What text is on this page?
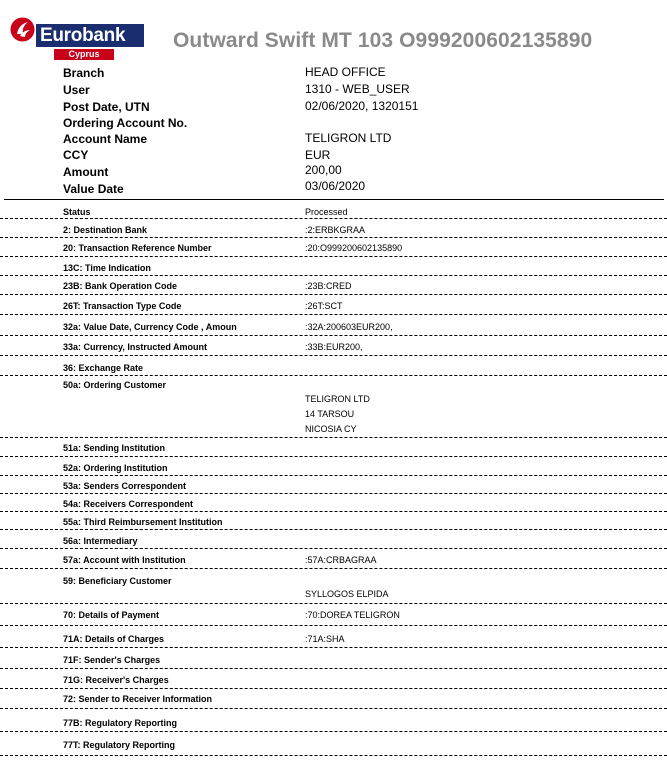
Eurobank
Cyprus
Outward Swift MT 103 O999200602135890
Branch	HEAD OFFICE
User	1310 - WEB_USER
Post Date, UTN	02/06/2020, 1320151
Ordering Account No.
Account Name	TELIGRON LTD
CCY	EUR
Amount	200,00
Value Date	03/06/2020
Status	Processed
2: Destination Bank	:2:ERBKGRAA
20: Transaction Reference Number	:20:O999200602135890
13C: Time Indication
23B: Bank Operation Code	:23B:CRED
26T: Transaction Type Code	:26T:SCT
32a: Value Date, Currency Code , Amoun	:32A:200603EUR200,
33a: Currency, Instructed Amount	:33B:EUR200,
36: Exchange Rate
50a: Ordering Customer
TELIGRON LTD
14 TARSOU
NICOSIA CY
51a: Sending Institution
52a: Ordering Institution
53a: Senders Correspondent
54a: Receivers Correspondent
55a: Third Reimbursement Institution
56a: Intermediary
57a: Account with Institution	:57A:CRBAGRAA
59: Beneficiary Customer
SYLLOGOS ELPIDA
70: Details of Payment	:70:DOREA TELIGRON
71A: Details of Charges	:71A:SHA
71F: Sender's Charges
71G: Receiver's Charges
72: Sender to Receiver Information
77B: Regulatory Reporting
77T: Regulatory Reporting
